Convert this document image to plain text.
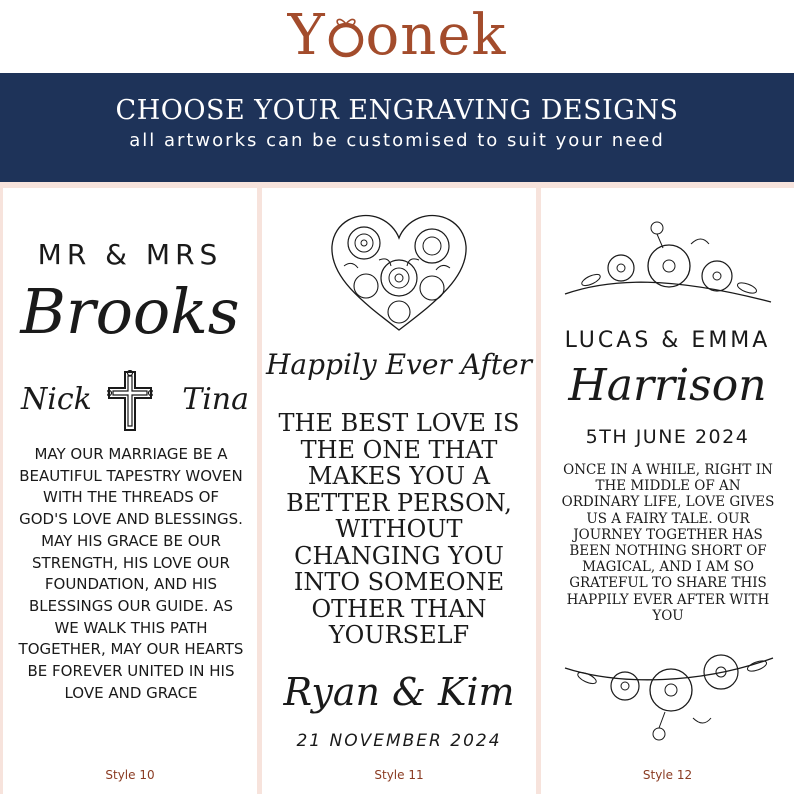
Y onek
CHOOSE YOUR ENGRAVING DESIGNS
all artworks can be customised to suit your need
MR & MRS
Brooks
Nick	Tina
MAY OUR MARRIAGE BE A BEAUTIFUL TAPESTRY WOVEN WITH THE THREADS OF GOD'S LOVE AND BLESSINGS. MAY HIS GRACE BE OUR STRENGTH, HIS LOVE OUR FOUNDATION, AND HIS BLESSINGS OUR GUIDE. AS WE WALK THIS PATH TOGETHER, MAY OUR HEARTS BE FOREVER UNITED IN HIS LOVE AND GRACE
Style 10
Happily Ever After
THE BEST LOVE IS THE ONE THAT MAKES YOU A BETTER PERSON, WITHOUT CHANGING YOU INTO SOMEONE OTHER THAN YOURSELF
Ryan & Kim
21 NOVEMBER 2024
Style 11
LUCAS & EMMA
Harrison
5TH JUNE 2024
ONCE IN A WHILE, RIGHT IN THE MIDDLE OF AN ORDINARY LIFE, LOVE GIVES US A FAIRY TALE. OUR JOURNEY TOGETHER HAS BEEN NOTHING SHORT OF MAGICAL, AND I AM SO GRATEFUL TO SHARE THIS HAPPILY EVER AFTER WITH YOU
Style 12
